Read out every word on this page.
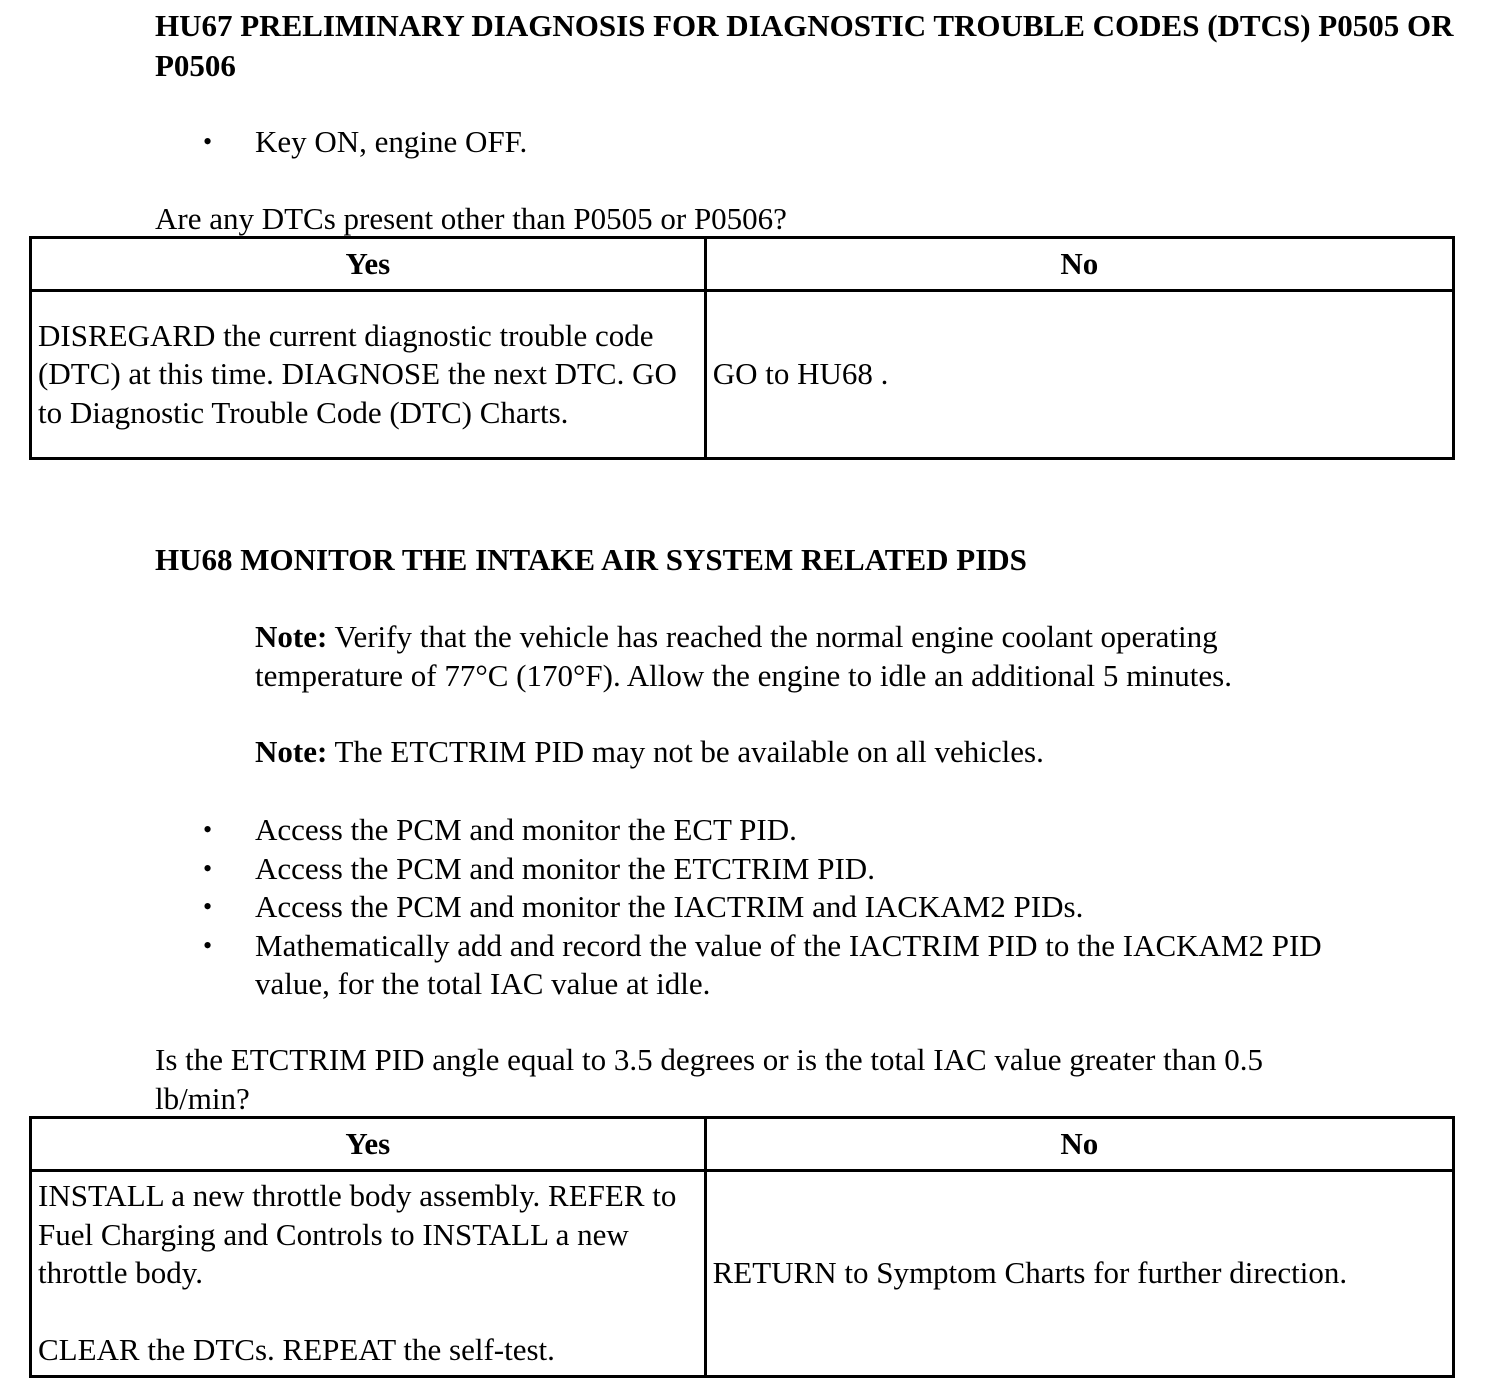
HU67 PRELIMINARY DIAGNOSIS FOR DIAGNOSTIC TROUBLE CODES (DTCS) P0505 OR P0506
• Key ON, engine OFF.

Are any DTCs present other than P0505 or P0506?

Yes	No
DISREGARD the current diagnostic trouble code (DTC) at this time. DIAGNOSE the next DTC. GO to Diagnostic Trouble Code (DTC) Charts.	GO to HU68 .
HU68 MONITOR THE INTAKE AIR SYSTEM RELATED PIDS

Note: Verify that the vehicle has reached the normal engine coolant operating temperature of 77°C (170°F). Allow the engine to idle an additional 5 minutes.

Note: The ETCTRIM PID may not be available on all vehicles.

• Access the PCM and monitor the ECT PID.
• Access the PCM and monitor the ETCTRIM PID.
• Access the PCM and monitor the IACTRIM and IACKAM2 PIDs.
• Mathematically add and record the value of the IACTRIM PID to the IACKAM2 PID value, for the total IAC value at idle.

Is the ETCTRIM PID angle equal to 3.5 degrees or is the total IAC value greater than 0.5 lb/min?

Yes	No

INSTALL a new throttle body assembly. REFER to Fuel Charging and Controls to INSTALL a new throttle body.
CLEAR the DTCs. REPEAT the self-test.	RETURN to Symptom Charts for further direction.
